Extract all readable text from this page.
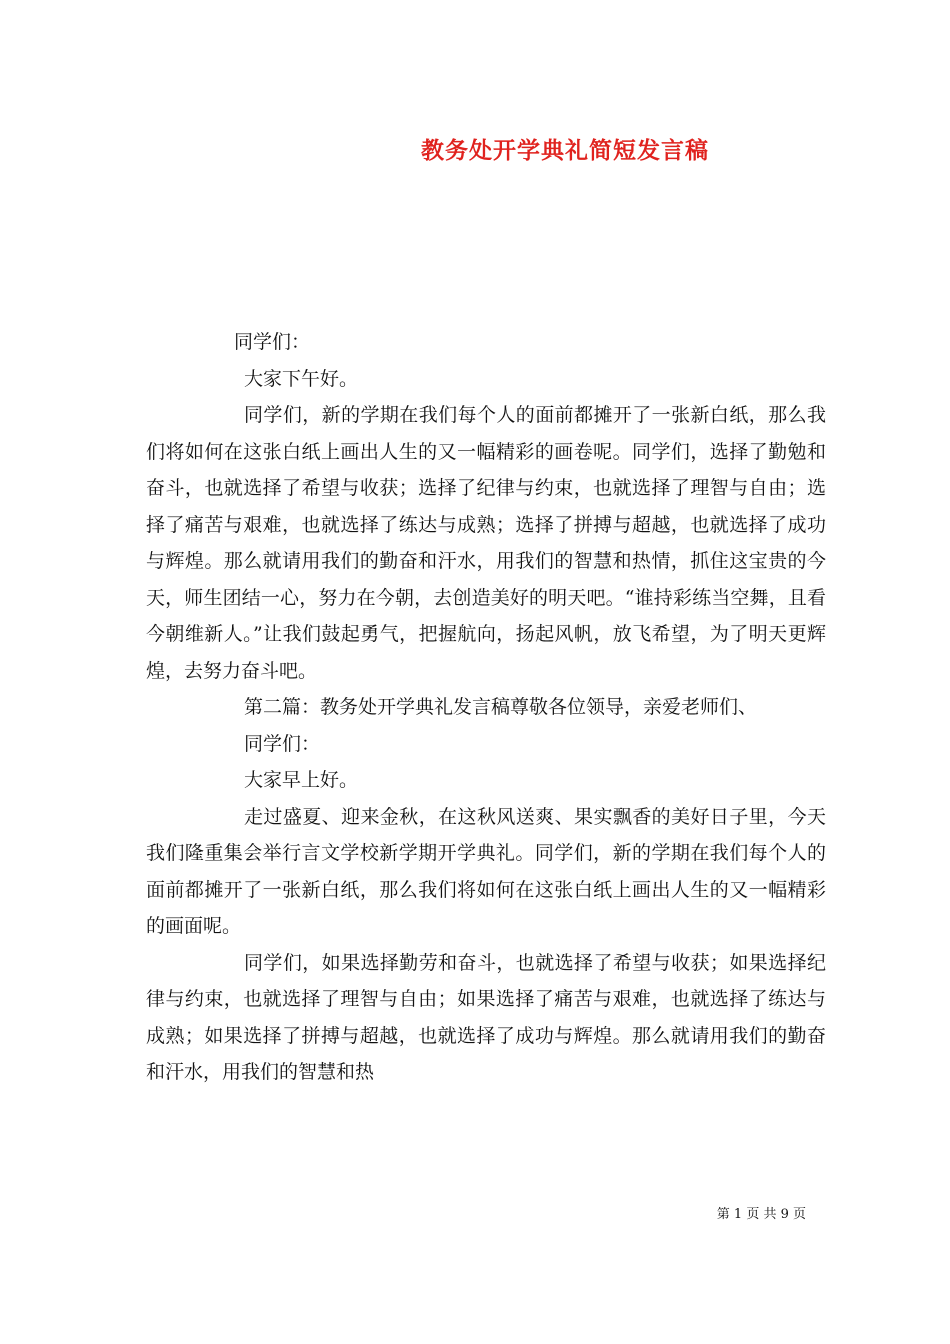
教务处开学典礼简短发言稿

同学们：

大家下午好。

同学们，新的学期在我们每个人的面前都摊开了一张新白纸，那么我们将如何在这张白纸上画出人生的又一幅精彩的画卷呢。同学们，选择了勤勉和奋斗，也就选择了希望与收获；选择了纪律与约束，也就选择了理智与自由；选择了痛苦与艰难，也就选择了练达与成熟；选择了拼搏与超越，也就选择了成功与辉煌。那么就请用我们的勤奋和汗水，用我们的智慧和热情，抓住这宝贵的今天，师生团结一心，努力在今朝，去创造美好的明天吧。“谁持彩练当空舞，且看今朝维新人。”让我们鼓起勇气，把握航向，扬起风帆，放飞希望，为了明天更辉煌，去努力奋斗吧。

第二篇：教务处开学典礼发言稿尊敬各位领导，亲爱老师们、

同学们：

大家早上好。

走过盛夏、迎来金秋，在这秋风送爽、果实飘香的美好日子里，今天我们隆重集会举行言文学校新学期开学典礼。同学们，新的学期在我们每个人的面前都摊开了一张新白纸，那么我们将如何在这张白纸上画出人生的又一幅精彩的画面呢。

同学们，如果选择勤劳和奋斗，也就选择了希望与收获；如果选择纪律与约束，也就选择了理智与自由；如果选择了痛苦与艰难，也就选择了练达与成熟；如果选择了拼搏与超越，也就选择了成功与辉煌。那么就请用我们的勤奋和汗水，用我们的智慧和热

第 1 页 共 9 页
